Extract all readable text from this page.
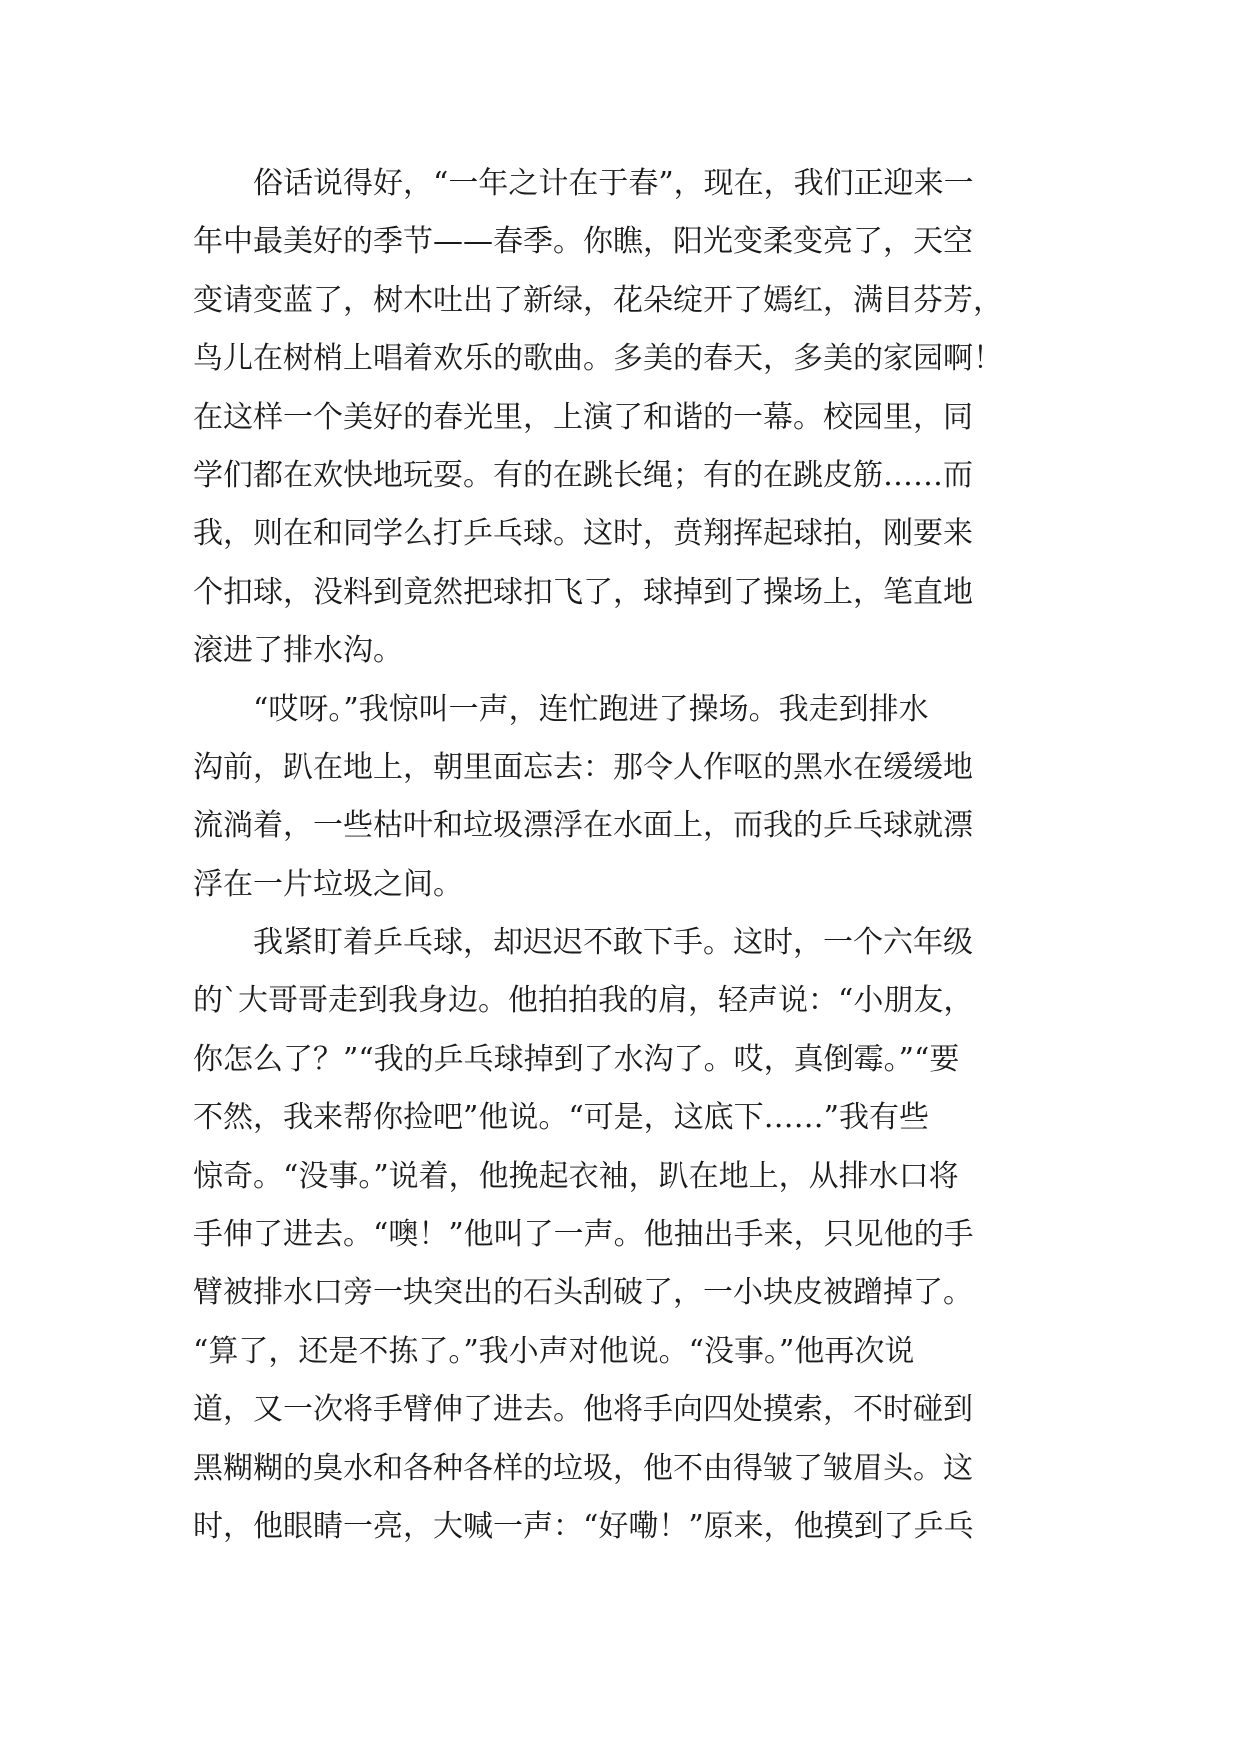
　　俗话说得好，“一年之计在于春”，现在，我们正迎来一
年中最美好的季节——春季。你瞧，阳光变柔变亮了，天空
变请变蓝了，树木吐出了新绿，花朵绽开了嫣红，满目芬芳，
鸟儿在树梢上唱着欢乐的歌曲。多美的春天，多美的家园啊！
在这样一个美好的春光里，上演了和谐的一幕。校园里，同
学们都在欢快地玩耍。有的在跳长绳；有的在跳皮筋……而
我，则在和同学么打乒乓球。这时，贲翔挥起球拍，刚要来
个扣球，没料到竟然把球扣飞了，球掉到了操场上，笔直地
滚进了排水沟。
　　“哎呀。”我惊叫一声，连忙跑进了操场。我走到排水
沟前，趴在地上，朝里面忘去：那令人作呕的黑水在缓缓地
流淌着，一些枯叶和垃圾漂浮在水面上，而我的乒乓球就漂
浮在一片垃圾之间。
　　我紧盯着乒乓球，却迟迟不敢下手。这时，一个六年级
的`大哥哥走到我身边。他拍拍我的肩，轻声说：“小朋友，
你怎么了？”“我的乒乓球掉到了水沟了。哎，真倒霉。”“要
不然，我来帮你捡吧”他说。“可是，这底下……”我有些
惊奇。“没事。”说着，他挽起衣袖，趴在地上，从排水口将
手伸了进去。“噢！”他叫了一声。他抽出手来，只见他的手
臂被排水口旁一块突出的石头刮破了，一小块皮被蹭掉了。
“算了，还是不拣了。”我小声对他说。“没事。”他再次说
道，又一次将手臂伸了进去。他将手向四处摸索，不时碰到
黑糊糊的臭水和各种各样的垃圾，他不由得皱了皱眉头。这
时，他眼睛一亮，大喊一声：“好嘞！”原来，他摸到了乒乓
